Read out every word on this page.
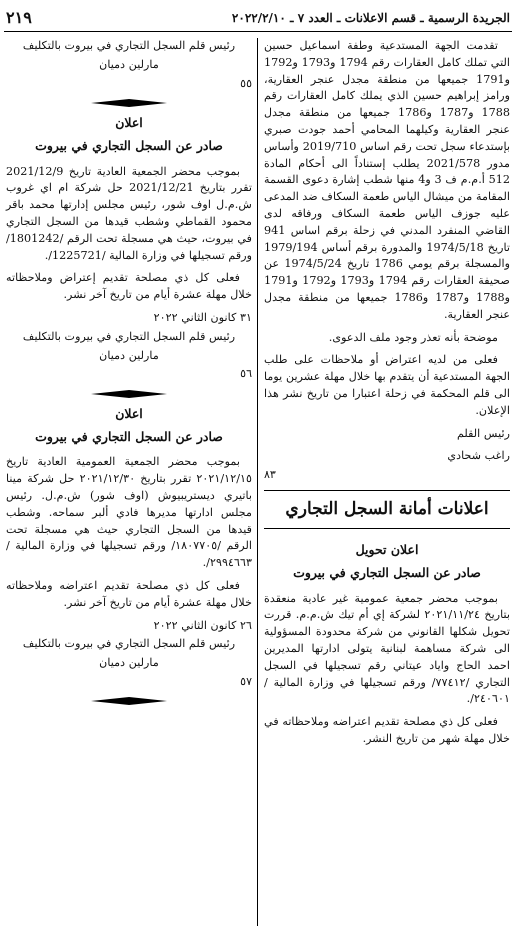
الجريدة الرسمية ـ قسم الاعلانات ـ العدد ٧ ـ ٢٠٢٢/٢/١٠
٢١٩

تقدمت الجهة المستدعية وطفة اسماعيل حسين التي تملك كامل العقارات رقم 1794 و1793 و1792 و1791 جميعها من منطقة مجدل عنجر العقارية، ورامز إبراهيم حسين الذي يملك كامل العقارات رقم 1788 و1787 و1786 جميعها من منطقة مجدل عنجر العقارية وكيلهما المحامي أحمد جودت صبري بإستدعاء سجل تحت رقم اساس 2019/710 وأساس مدور 2021/578 يطلب إستناداً الى أحكام المادة 512 أ.م.م ف 3 و4 منها شطب إشارة دعوى القسمة المقامة من ميشال الياس طعمة السكاف ضد المدعى عليه جوزف الياس طعمة السكاف ورفاقه لدى القاضي المنفرد المدني في زحلة برقم اساس 941 تاريخ 1974/5/18 والمدورة برقم أساس 1979/194 والمسجلة برقم يومي 1786 تاريخ 1974/5/24 عن صحيفة العقارات رقم 1794 و1793 و1792 و1791 و1788 و1787 و1786 جميعها من منطقة مجدل عنجر العقارية.

موضحة بأنه تعذر وجود ملف الدعوى.

فعلى من لديه اعتراض أو ملاحظات على طلب الجهة المستدعية أن يتقدم بها خلال مهلة عشرين يوما الى قلم المحكمة في زحلة اعتبارا من تاريخ نشر هذا الإعلان.

رئيس القلم
راغب شحادي
٨٣
اعلانات أمانة السجل التجاري
اعلان تحويل
صادر عن السجل التجاري في بيروت

بموجب محضر جمعية عمومية غير عادية منعقدة بتاريخ ٢٠٢١/١١/٢٤ لشركة إي أم تيك ش.م.م. قررت تحويل شكلها القانوني من شركة محدودة المسؤولية الى شركة مساهمة لبنانية يتولى ادارتها المديرين احمد الحاج واياد عيتاني رقم تسجيلها في السجل التجاري /٧٧٤١٢/ ورقم تسجيلها في وزارة المالية /٢٤٠٦٠١/.

فعلى كل ذي مصلحة تقديم اعتراضه وملاحظاته في خلال مهلة شهر من تاريخ النشر.

رئيس قلم السجل التجاري في بيروت بالتكليف
مارلين دميان
٥٥
اعلان
صادر عن السجل التجاري في بيروت

بموجب محضر الجمعية العادية تاريخ 2021/12/9 تقرر بتاريخ 2021/12/21 حل شركة ام اي غروب ش.م.ل اوف شور، رئيس مجلس إدارتها محمد باقر محمود القماطي وشطب قيدها من السجل التجاري في بيروت، حيث هي مسجلة تحت الرقم /1801242/ ورقم تسجيلها في وزارة المالية /1225721/.

فعلى كل ذي مصلحة تقديم إعتراض وملاحظاته خلال مهلة عشرة أيام من تاريخ آخر نشر.

٣١ كانون الثاني ٢٠٢٢
رئيس قلم السجل التجاري في بيروت بالتكليف
مارلين دميان
٥٦
اعلان
صادر عن السجل التجاري في بيروت

بموجب محضر الجمعية العمومية العادية تاريخ ٢٠٢١/١٢/١٥ تقرر بتاريخ ٢٠٢١/١٢/٣٠ حل شركة مينا باتيري ديستريبيوش (اوف شور) ش.م.ل. رئيس مجلس ادارتها مديرها فادي ألبر سماحه. وشطب قيدها من السجل التجاري حيث هي مسجلة تحت الرقم /١٨٠٧٧٠٥/ ورقم تسجيلها في وزارة المالية /٢٩٩٤٦٦٣/.

فعلى كل ذي مصلحة تقديم اعتراضه وملاحظاته خلال مهلة عشرة أيام من تاريخ آخر نشر.

٢٦ كانون الثاني ٢٠٢٢
رئيس قلم السجل التجاري في بيروت بالتكليف
مارلين دميان
٥٧
